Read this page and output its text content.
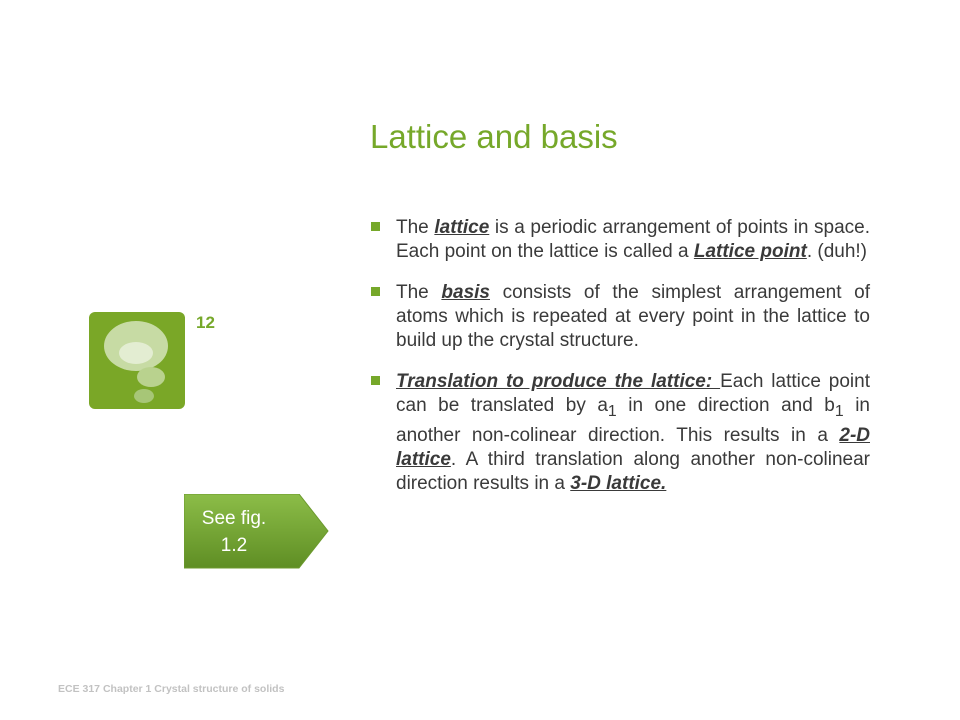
Lattice and basis
12
The lattice is a periodic arrangement of points in space. Each point on the lattice is called a Lattice point. (duh!)
The basis consists of the simplest arrangement of atoms which is repeated at every point in the lattice to build up the crystal structure.
Translation to produce the lattice: Each lattice point can be translated by $a_1$ in one direction and $b_1$ in another non-colinear direction. This results in a 2-D lattice. A third translation along another non-colinear direction results in a 3-D lattice.
See fig.
1.2
ECE 317 Chapter 1 Crystal structure of solids
